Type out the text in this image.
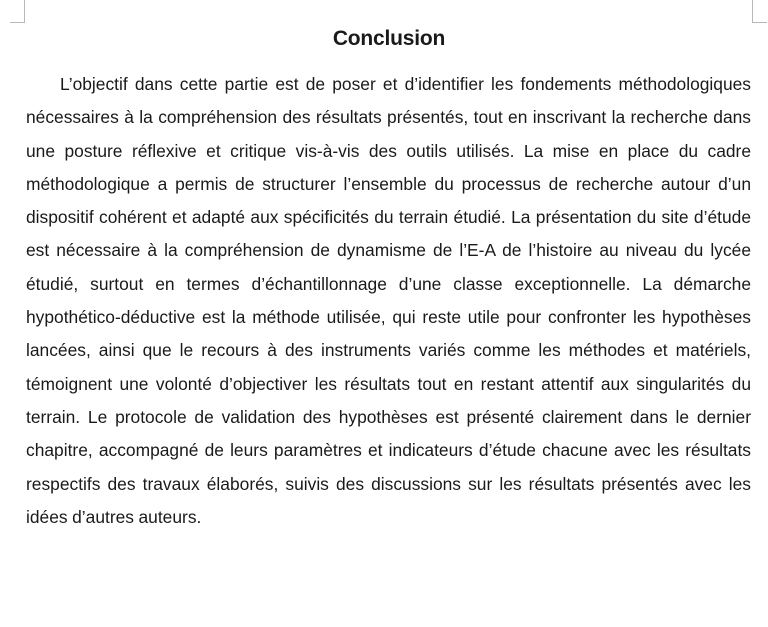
Conclusion

L’objectif dans cette partie est de poser et d’identifier les fondements méthodologiques nécessaires à la compréhension des résultats présentés, tout en inscrivant la recherche dans une posture réflexive et critique vis-à-vis des outils utilisés. La mise en place du cadre méthodologique a permis de structurer l’ensemble du processus de recherche autour d’un dispositif cohérent et adapté aux spécificités du terrain étudié. La présentation du site d’étude est nécessaire à la compréhension de dynamisme de l’E-A de l’histoire au niveau du lycée étudié, surtout en termes d’échantillonnage d’une classe exceptionnelle. La démarche hypothético-déductive est la méthode utilisée, qui reste utile pour confronter les hypothèses lancées, ainsi que le recours à des instruments variés comme les méthodes et matériels, témoignent une volonté d’objectiver les résultats tout en restant attentif aux singularités du terrain. Le protocole de validation des hypothèses est présenté clairement dans le dernier chapitre, accompagné de leurs paramètres et indicateurs d’étude chacune avec les résultats respectifs des travaux élaborés, suivis des discussions sur les résultats présentés avec les idées d’autres auteurs.
